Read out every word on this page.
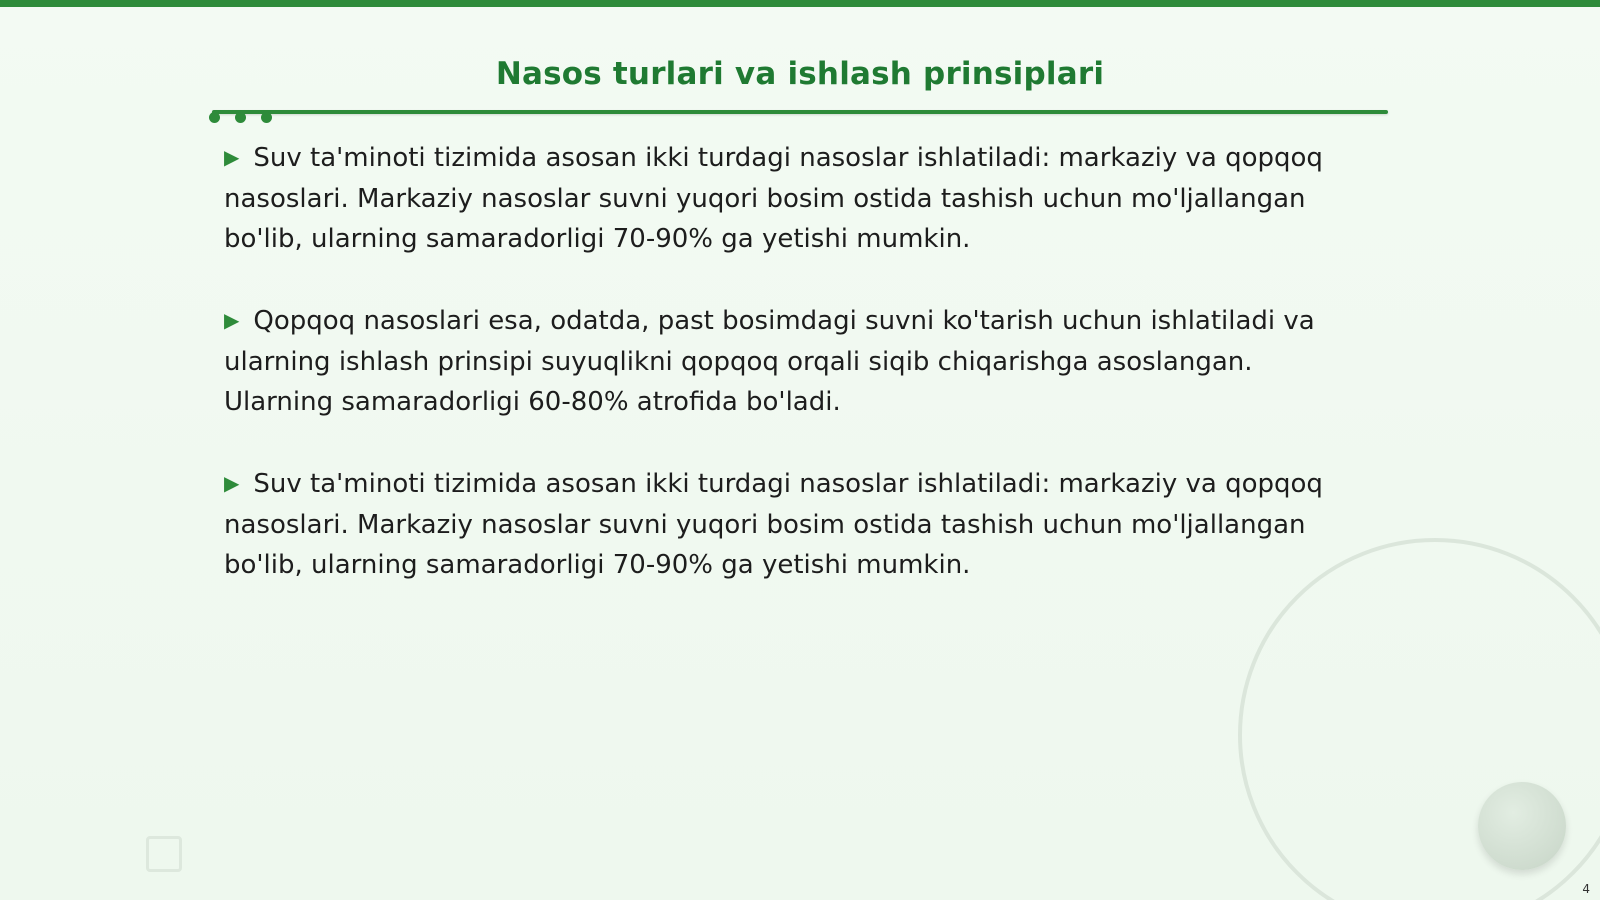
Nasos turlari va ishlash prinsiplari

▶ Suv ta'minoti tizimida asosan ikki turdagi nasoslar ishlatiladi: markaziy va qopqoq nasoslari. Markaziy nasoslar suvni yuqori bosim ostida tashish uchun mo'ljallangan bo'lib, ularning samaradorligi 70-90% ga yetishi mumkin.

▶ Qopqoq nasoslari esa, odatda, past bosimdagi suvni ko'tarish uchun ishlatiladi va ularning ishlash prinsipi suyuqlikni qopqoq orqali siqib chiqarishga asoslangan. Ularning samaradorligi 60-80% atrofida bo'ladi.

▶ Suv ta'minoti tizimida asosan ikki turdagi nasoslar ishlatiladi: markaziy va qopqoq nasoslari. Markaziy nasoslar suvni yuqori bosim ostida tashish uchun mo'ljallangan bo'lib, ularning samaradorligi 70-90% ga yetishi mumkin.

4
